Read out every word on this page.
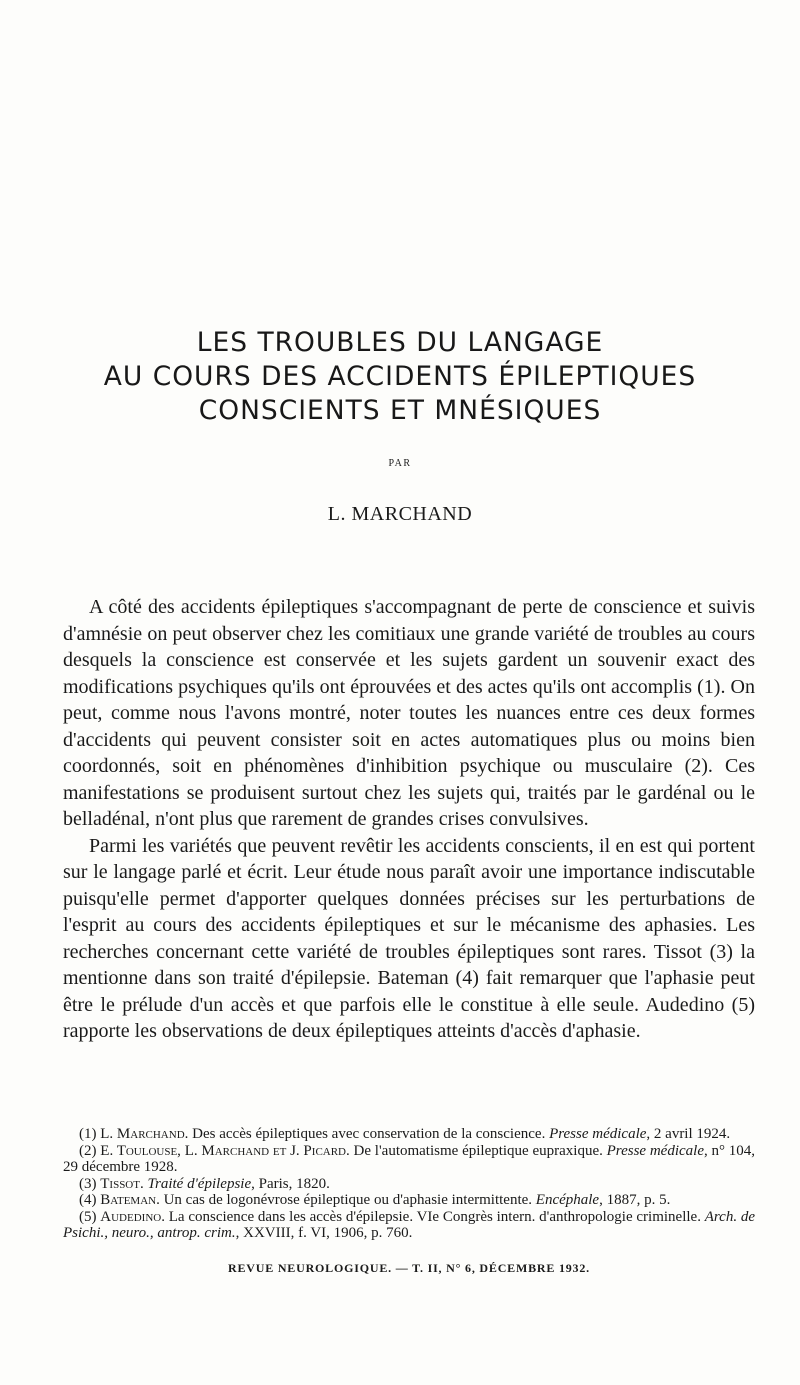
LES TROUBLES DU LANGAGE
AU COURS DES ACCIDENTS ÉPILEPTIQUES
CONSCIENTS ET MNÉSIQUES
PAR
L. MARCHAND

A côté des accidents épileptiques s'accompagnant de perte de conscience et suivis d'amnésie on peut observer chez les comitiaux une grande variété de troubles au cours desquels la conscience est conservée et les sujets gardent un souvenir exact des modifications psychiques qu'ils ont éprouvées et des actes qu'ils ont accomplis (1). On peut, comme nous l'avons montré, noter toutes les nuances entre ces deux formes d'accidents qui peuvent consister soit en actes automatiques plus ou moins bien coordonnés, soit en phénomènes d'inhibition psychique ou musculaire (2). Ces manifestations se produisent surtout chez les sujets qui, traités par le gardénal ou le belladénal, n'ont plus que rarement de grandes crises convulsives.

Parmi les variétés que peuvent revêtir les accidents conscients, il en est qui portent sur le langage parlé et écrit. Leur étude nous paraît avoir une importance indiscutable puisqu'elle permet d'apporter quelques données précises sur les perturbations de l'esprit au cours des accidents épileptiques et sur le mécanisme des aphasies. Les recherches concernant cette variété de troubles épileptiques sont rares. Tissot (3) la mentionne dans son traité d'épilepsie. Bateman (4) fait remarquer que l'aphasie peut être le prélude d'un accès et que parfois elle le constitue à elle seule. Audedino (5) rapporte les observations de deux épileptiques atteints d'accès d'aphasie.

(1) L. Marchand. Des accès épileptiques avec conservation de la conscience. Presse médicale, 2 avril 1924.

(2) E. Toulouse, L. Marchand et J. Picard. De l'automatisme épileptique eupraxique. Presse médicale, n° 104, 29 décembre 1928.

(3) Tissot. Traité d'épilepsie, Paris, 1820.

(4) Bateman. Un cas de logonévrose épileptique ou d'aphasie intermittente. Encéphale, 1887, p. 5.

(5) Audedino. La conscience dans les accès d'épilepsie. VIe Congrès intern. d'anthropologie criminelle. Arch. de Psichi., neuro., antrop. crim., XXVIII, f. VI, 1906, p. 760.

REVUE NEUROLOGIQUE. — T. II, N° 6, DÉCEMBRE 1932.
